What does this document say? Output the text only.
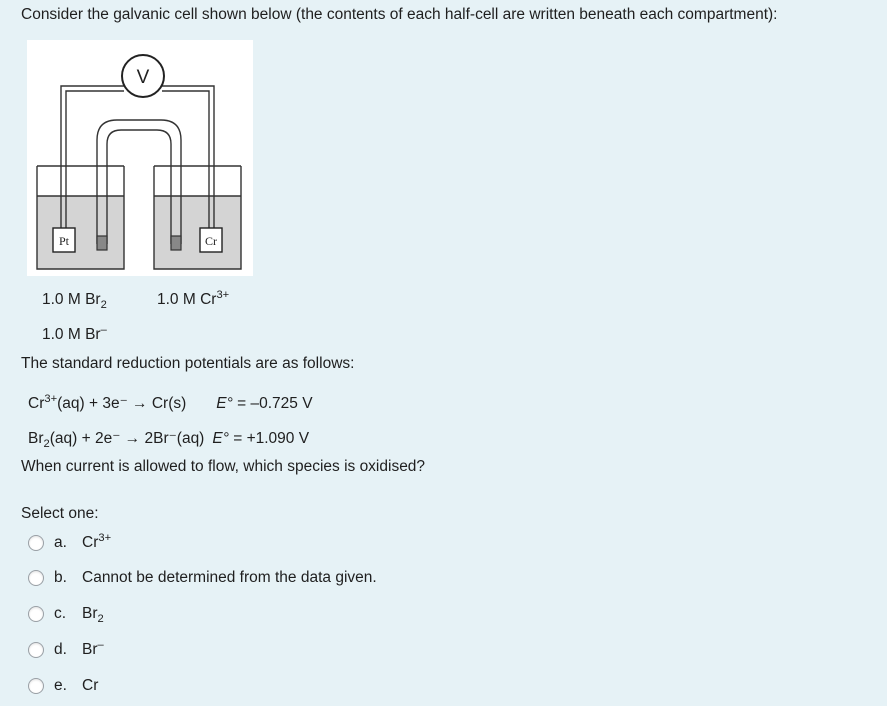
Consider the galvanic cell shown below (the contents of each half-cell are written beneath each compartment):
V
Pt	Cr
1.0 M $Br_2$	1.0 M $Cr^{3+}$
1.0 M Br–
The standard reduction potentials are as follows:
$Cr^{3+}(aq) + 3e^- \to Cr(s) E^\circ = -0.725$ V
$Br_2(aq) + 2e^- \to 2Br^-(aq) E^\circ = +1.090$ V
When current is allowed to flow, which species is oxidised?
Select one:
a. $Cr^{3+}$
b. Cannot be determined from the data given.
c.	$Br_2$
d. Br–
e. Cr
